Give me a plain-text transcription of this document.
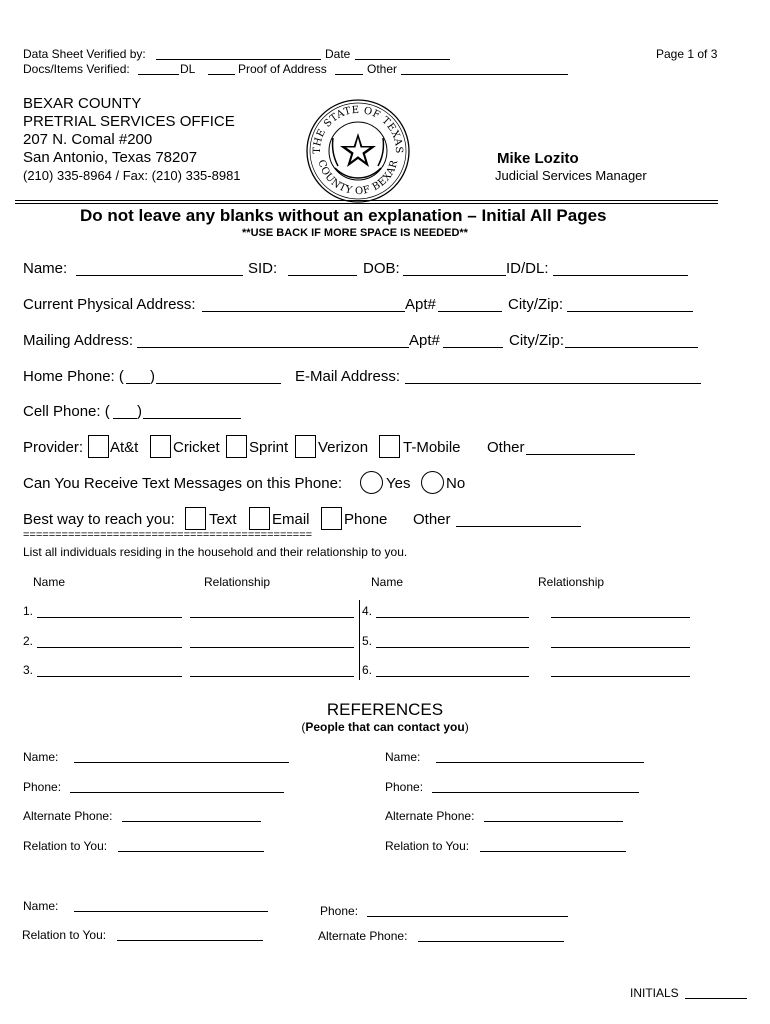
Data Sheet Verified by:	Date	Page 1 of 3
Docs/Items Verified:	DL	Proof of Address	Other
BEXAR COUNTY
PRETRIAL SERVICES OFFICE
207 N. Comal #200
San Antonio, Texas 78207
(210) 335-8964 / Fax: (210) 335-8981
THE STATE OF TEXAS
COUNTY OF BEXAR	Mike Lozito
Judicial Services Manager
Do not leave any blanks without an explanation – Initial All Pages
**USE BACK IF MORE SPACE IS NEEDED**
Name:	SID:	DOB:	ID/DL:
Current Physical Address:	Apt#	City/Zip:
Mailing Address:	Apt#	City/Zip:
Home Phone: ( )	E-Mail Address:
Cell Phone: ( )
Provider: At&t Cricket Sprint Verizon T-Mobile Other
Can You Receive Text Messages on this Phone:	Yes No
Best way to reach you: Text Email Phone Other
=============================================
List all individuals residing in the household and their relationship to you.
Name	Relationship	Name	Relationship
1.	4.
2.	5.
3.	6.
REFERENCES
(People that can contact you)
Name:	Name:
Phone:	Phone:
Alternate Phone:	Alternate Phone:
Relation to You:	Relation to You:
Name:	Phone:
Relation to You:	Alternate Phone:
INITIALS
